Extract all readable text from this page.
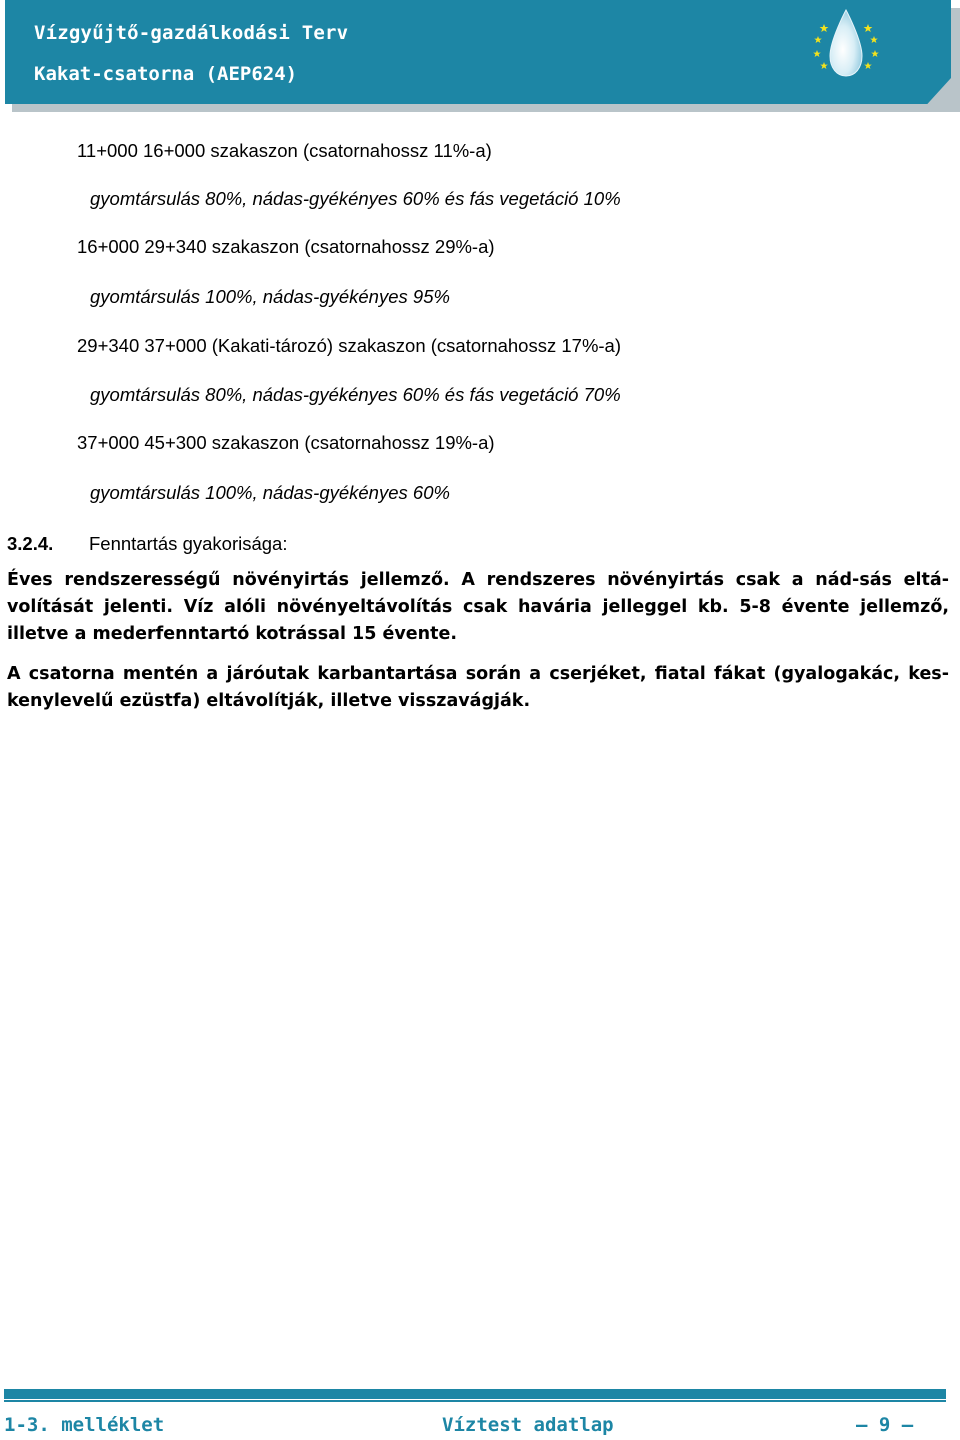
Vízgyűjtő-gazdálkodási Terv
Kakat-csatorna (AEP624)
11+000 16+000 szakaszon (csatornahossz 11%-a)
gyomtársulás 80%, nádas-gyékényes 60% és fás vegetáció 10%
16+000 29+340 szakaszon (csatornahossz 29%-a)
gyomtársulás 100%, nádas-gyékényes 95%
29+340 37+000 (Kakati-tározó) szakaszon (csatornahossz 17%-a)
gyomtársulás 80%, nádas-gyékényes 60% és fás vegetáció 70%
37+000 45+300 szakaszon (csatornahossz 19%-a)
gyomtársulás 100%, nádas-gyékényes 60%
3.2.4. Fenntartás gyakorisága:
Éves rendszerességű növényirtás jellemző. A rendszeres növényirtás csak a nád-sás eltá-
volítását jelenti. Víz alóli növényeltávolítás csak havária jelleggel kb. 5-8 évente jellemző,
illetve a mederfenntartó kotrással 15 évente.
A csatorna mentén a járóutak karbantartása során a cserjéket, fiatal fákat (gyalogakác, kes-
kenylevelű ezüstfa) eltávolítják, illetve visszavágják.
1-3. melléklet	Víztest adatlap	– 9 –
